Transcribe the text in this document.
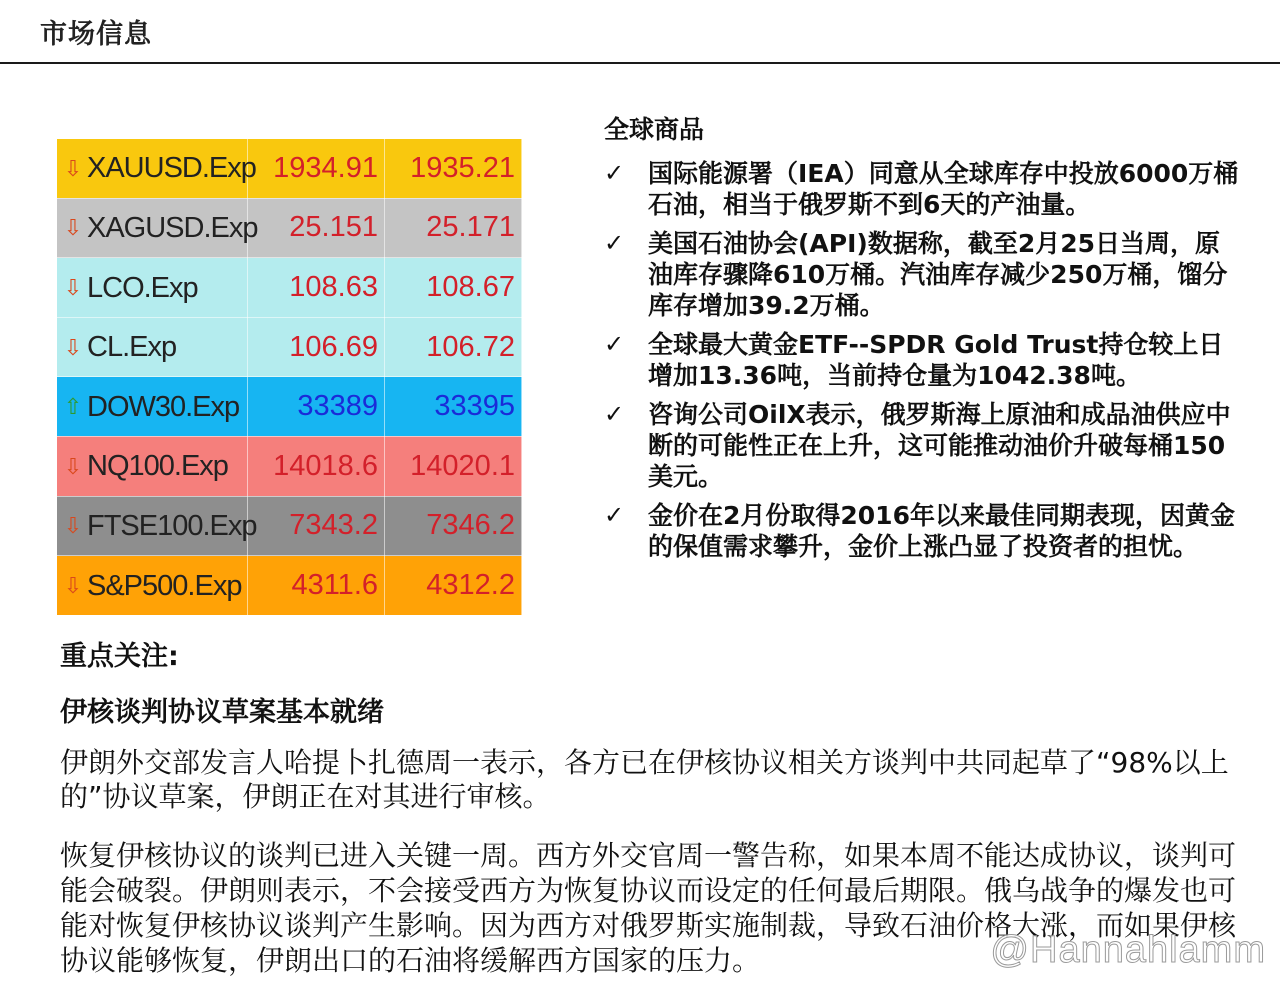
市场信息
⇩ XAUUSD.Exp	1934.91	1935.21
⇩ XAGUSD.Exp	25.151	25.171
⇩ LCO.Exp	108.63	108.67
⇩ CL.Exp	106.69	106.72
⇧ DOW30.Exp	33389	33395
⇩ NQ100.Exp	14018.6	14020.1
⇩ FTSE100.Exp	7343.2	7346.2
⇩ S&P500.Exp	4311.6	4312.2
全球商品
✓ 国际能源署（IEA）同意从全球库存中投放6000万桶石油，相当于俄罗斯不到6天的产油量。
✓ 美国石油协会(API)数据称，截至2月25日当周，原油库存骤降610万桶。汽油库存减少250万桶，馏分库存增加39.2万桶。
✓ 全球最大黄金ETF--SPDR Gold Trust持仓较上日增加13.36吨，当前持仓量为1042.38吨。
✓ 咨询公司OilX表示，俄罗斯海上原油和成品油供应中断的可能性正在上升，这可能推动油价升破每桶150美元。
✓ 金价在2月份取得2016年以来最佳同期表现，因黄金的保值需求攀升，金价上涨凸显了投资者的担忧。
重点关注:
伊核谈判协议草案基本就绪

伊朗外交部发言人哈提卜扎德周一表示，各方已在伊核协议相关方谈判中共同起草了“98%以上的”协议草案，伊朗正在对其进行审核。

恢复伊核协议的谈判已进入关键一周。西方外交官周一警告称，如果本周不能达成协议，谈判可能会破裂。伊朗则表示，不会接受西方为恢复协议而设定的任何最后期限。俄乌战争的爆发也可能对恢复伊核协议谈判产生影响。因为西方对俄罗斯实施制裁，导致石油价格大涨，而如果伊核协议能够恢复，伊朗出口的石油将缓解西方国家的压力。	@Hannahlamm
